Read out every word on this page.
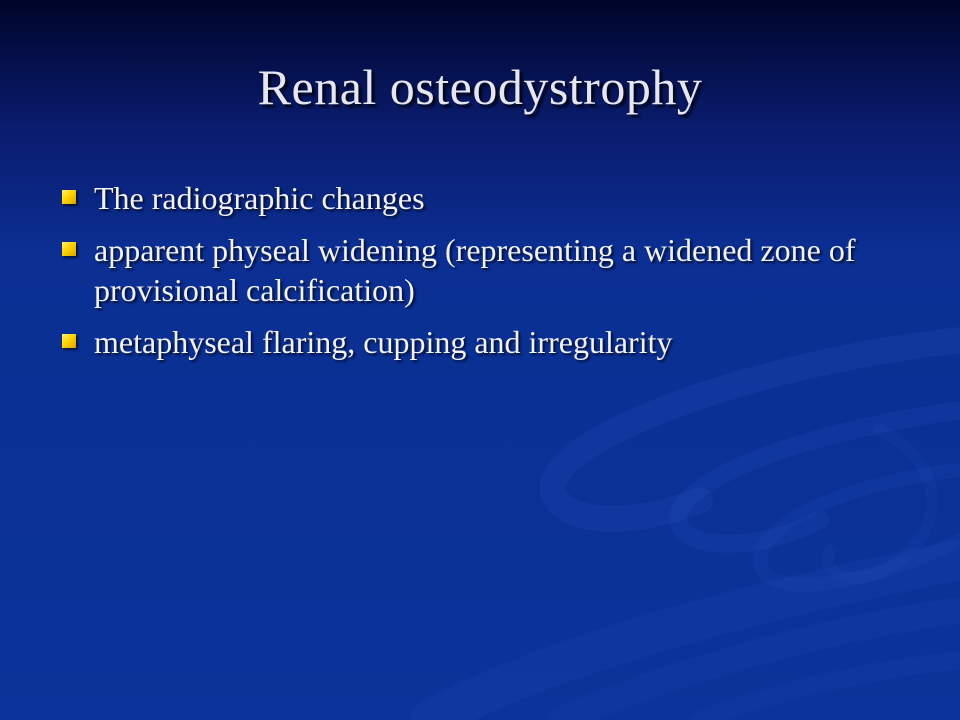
Renal osteodystrophy
The radiographic changes
apparent physeal widening (representing a widened zone of provisional calcification)
metaphyseal flaring, cupping and irregularity
